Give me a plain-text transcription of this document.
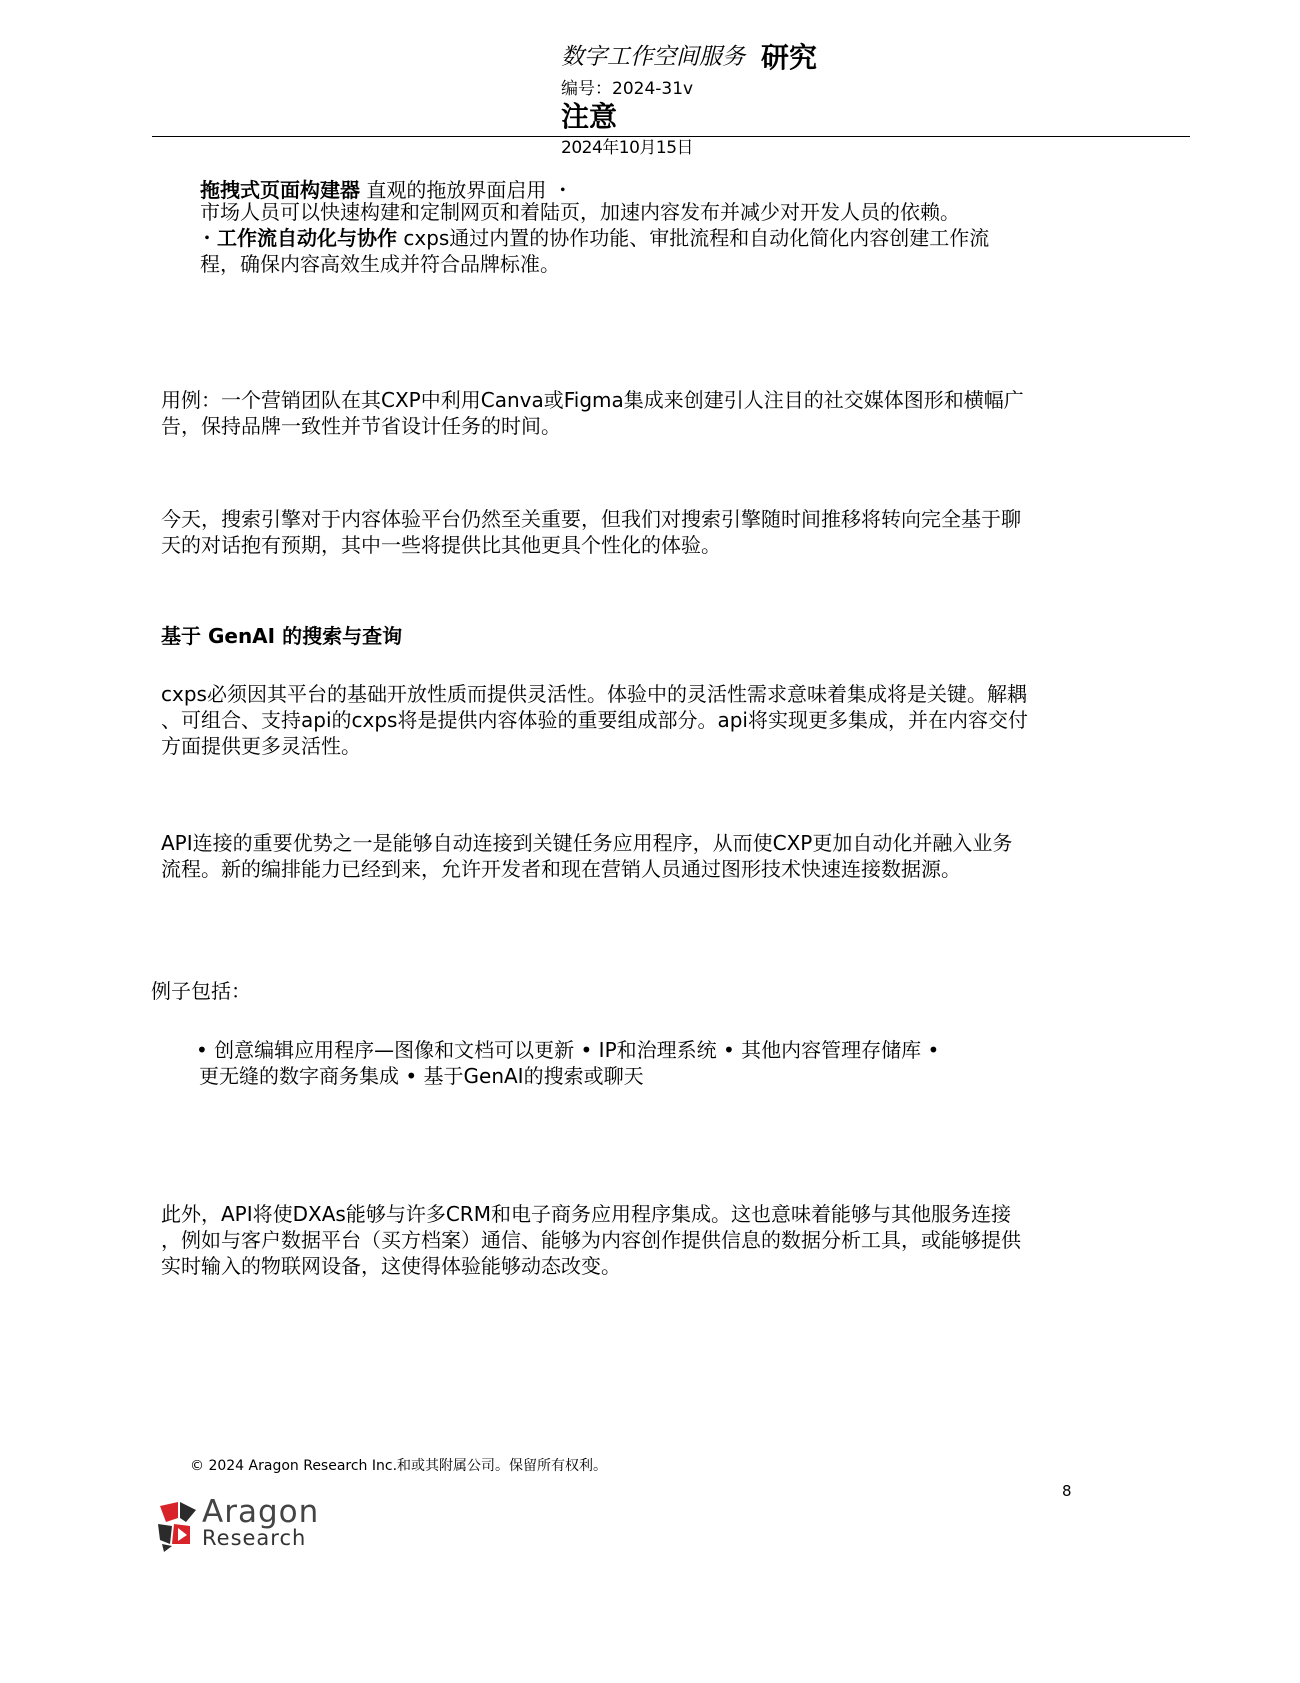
数字工作空间服务 研究
编号：2024-31v
注意
2024年10月15日
拖拽式页面构建器 直观的拖放界面启用 ・
市场人员可以快速构建和定制网页和着陆页，加速内容发布并减少对开发人员的依赖。
・工作流自动化与协作 cxps通过内置的协作功能、审批流程和自动化简化内容创建工作流
程，确保内容高效生成并符合品牌标准。
用例：一个营销团队在其CXP中利用Canva或Figma集成来创建引人注目的社交媒体图形和横幅广
告，保持品牌一致性并节省设计任务的时间。
今天，搜索引擎对于内容体验平台仍然至关重要，但我们对搜索引擎随时间推移将转向完全基于聊
天的对话抱有预期，其中一些将提供比其他更具个性化的体验。
基于 GenAI 的搜索与查询
cxps必须因其平台的基础开放性质而提供灵活性。体验中的灵活性需求意味着集成将是关键。解耦
、可组合、支持api的cxps将是提供内容体验的重要组成部分。api将实现更多集成，并在内容交付
方面提供更多灵活性。
API连接的重要优势之一是能够自动连接到关键任务应用程序，从而使CXP更加自动化并融入业务
流程。新的编排能力已经到来，允许开发者和现在营销人员通过图形技术快速连接数据源。
例子包括：
• 创意编辑应用程序—图像和文档可以更新 • IP和治理系统 • 其他内容管理存储库 •
更无缝的数字商务集成 • 基于GenAI的搜索或聊天
此外，API将使DXAs能够与许多CRM和电子商务应用程序集成。这也意味着能够与其他服务连接
，例如与客户数据平台（买方档案）通信、能够为内容创作提供信息的数据分析工具，或能够提供
实时输入的物联网设备，这使得体验能够动态改变。
© 2024 Aragon Research Inc.和或其附属公司。保留所有权利。
8
Aragon
Research
